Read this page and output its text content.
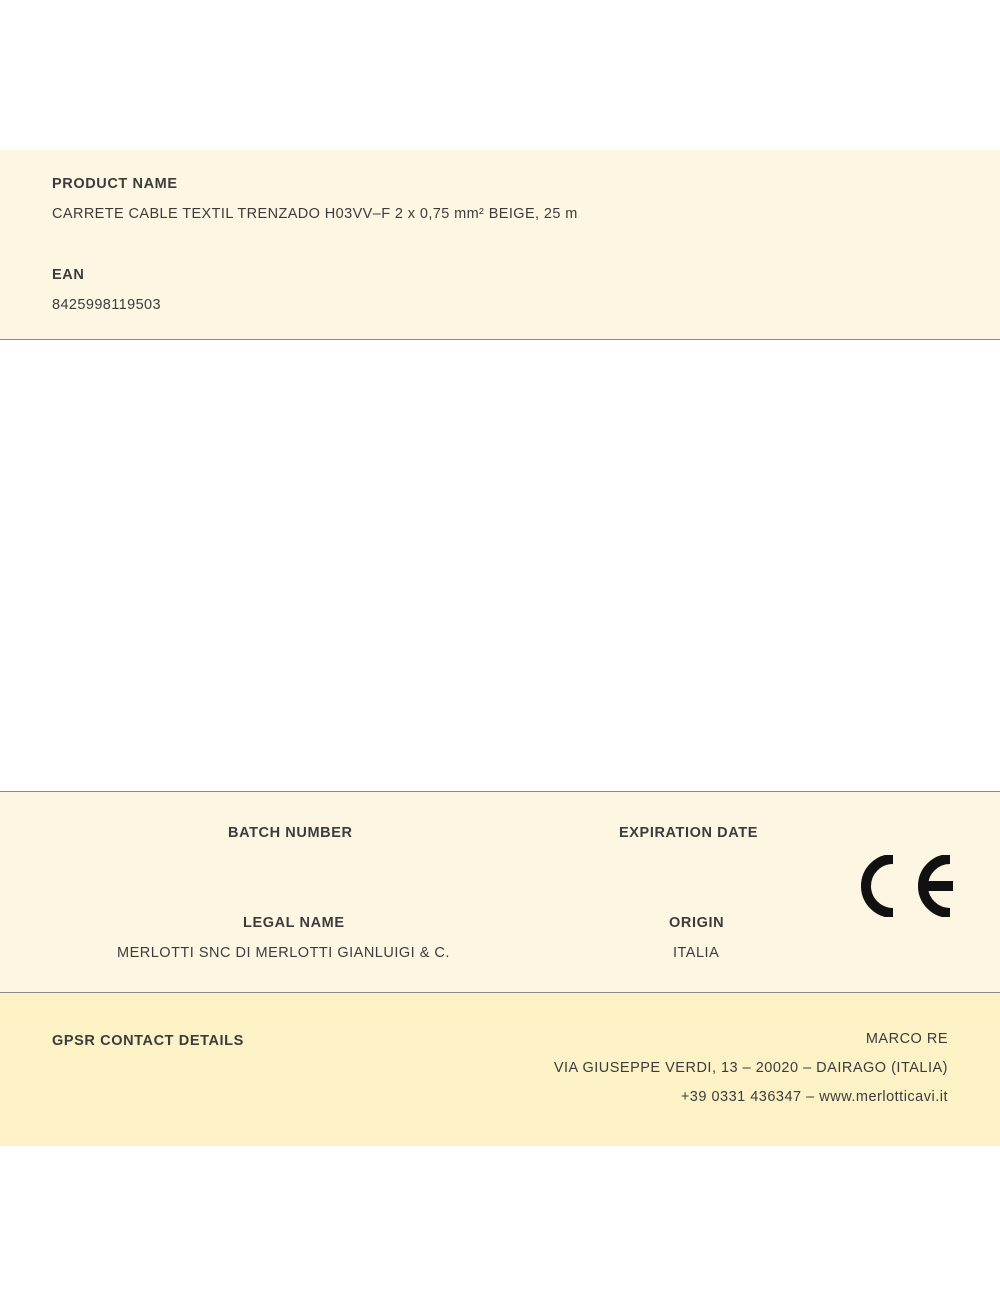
PRODUCT NAME
CARRETE CABLE TEXTIL TRENZADO H03VV–F 2 x 0,75 mm² BEIGE, 25 m
EAN
8425998119503
BATCH NUMBER	EXPIRATION DATE
LEGAL NAME
MERLOTTI SNC DI MERLOTTI GIANLUIGI & C.
ORIGIN
ITALIA
GPSR CONTACT DETAILS	MARCO RE
VIA GIUSEPPE VERDI, 13 – 20020 – DAIRAGO (ITALIA)
+39 0331 436347 – www.merlotticavi.it
